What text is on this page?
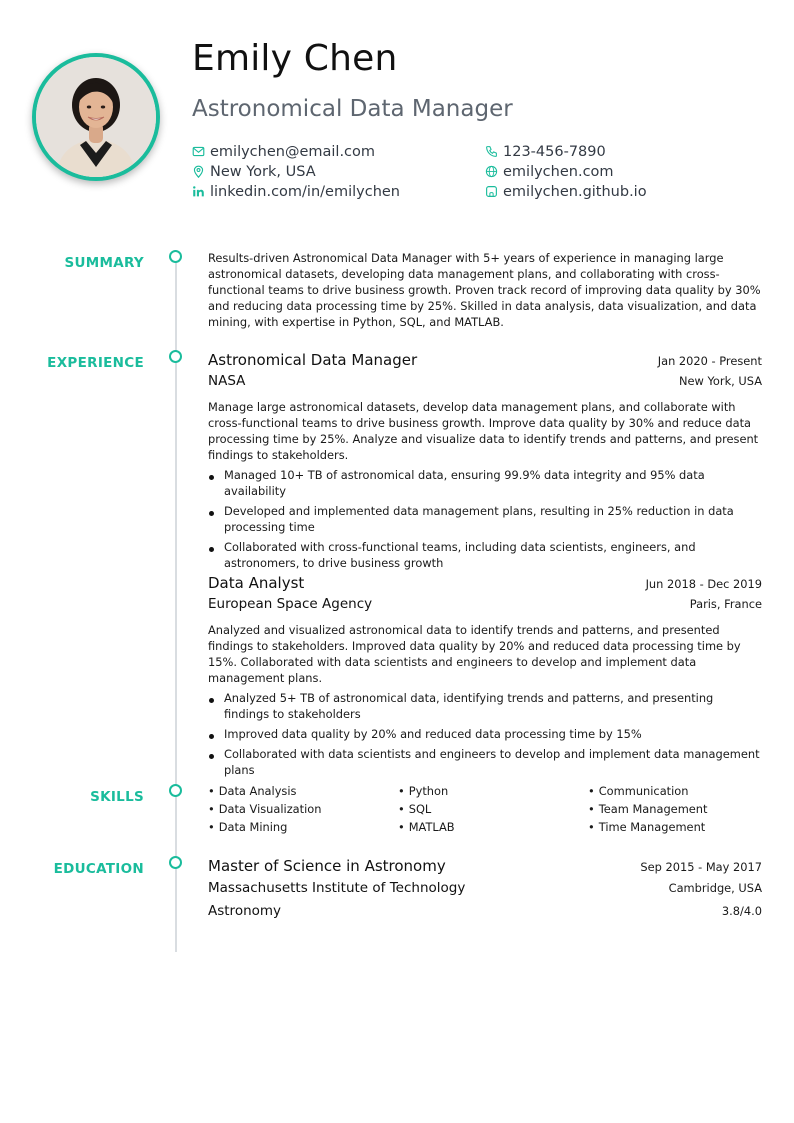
Emily Chen
Astronomical Data Manager
emilychen@email.com	123-456-7890
New York, USA	emilychen.com
linkedin.com/in/emilychen	emilychen.github.io
SUMMARY	Results-driven Astronomical Data Manager with 5+ years of experience in managing large astronomical datasets, developing data management plans, and collaborating with cross-functional teams to drive business growth. Proven track record of improving data quality by 30% and reducing data processing time by 25%. Skilled in data analysis, data visualization, and data mining, with expertise in Python, SQL, and MATLAB.

EXPERIENCE	Astronomical Data Manager	Jan 2020 - Present
NASA	New York, USA

Manage large astronomical datasets, develop data management plans, and collaborate with cross-functional teams to drive business growth. Improve data quality by 30% and reduce data processing time by 25%. Analyze and visualize data to identify trends and patterns, and present findings to stakeholders.

Managed 10+ TB of astronomical data, ensuring 99.9% data integrity and 95% data availability
Developed and implemented data management plans, resulting in 25% reduction in data processing time
Collaborated with cross-functional teams, including data scientists, engineers, and astronomers, to drive business growth
Data Analyst	Jun 2018 - Dec 2019
European Space Agency	Paris, France

Analyzed and visualized astronomical data to identify trends and patterns, and presented findings to stakeholders. Improved data quality by 20% and reduced data processing time by 15%. Collaborated with data scientists and engineers to develop and implement data management plans.

Analyzed 5+ TB of astronomical data, identifying trends and patterns, and presenting findings to stakeholders
Improved data quality by 20% and reduced data processing time by 15%
Collaborated with data scientists and engineers to develop and implement data management plans
SKILLS	• Data Analysis	• Python	• Communication
• Data Visualization	• SQL	• Team Management
• Data Mining	• MATLAB	• Time Management
EDUCATION	Master of Science in Astronomy	Sep 2015 - May 2017
Massachusetts Institute of Technology	Cambridge, USA
Astronomy	3.8/4.0
